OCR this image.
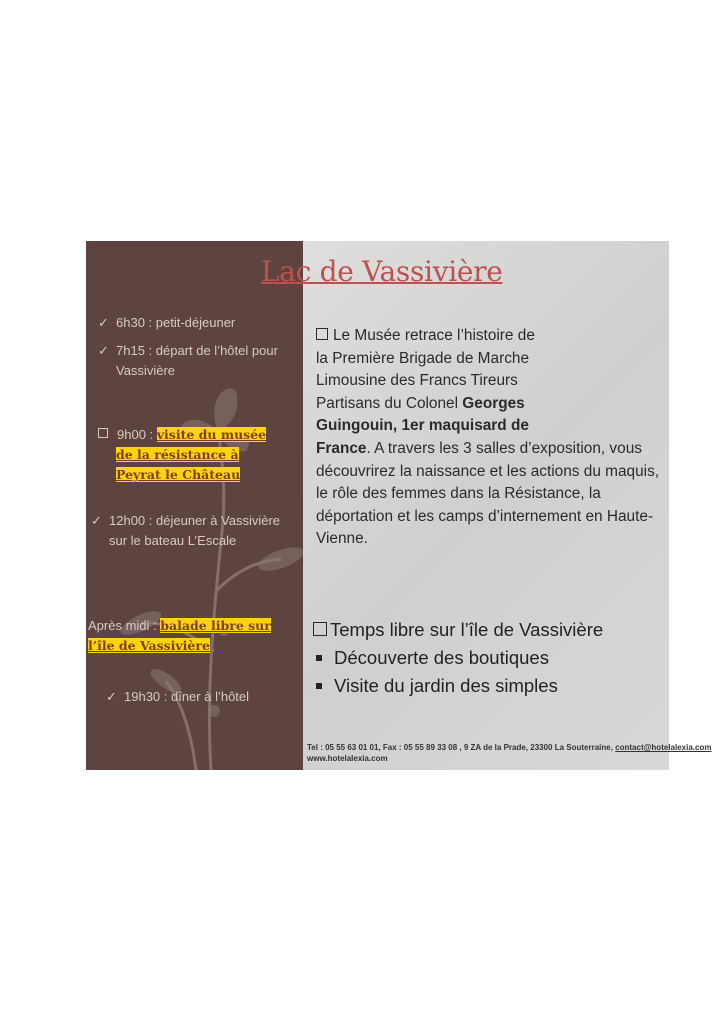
✓ 6h30 : petit-déjeuner
✓ 7h15 : départ de l’hôtel pour
Vassivière
9h00 : visite du musée
de la résistance à
Peyrat le Château
✓ 12h00 : déjeuner à Vassivière
sur le bateau L’Escale
Après midi : balade libre sur
l’île de Vassivière
✓ 19h30 : dîner à l’hôtel
Lac de Vassivière
Le Musée retrace l’histoire de
la Première Brigade de Marche
Limousine des Francs Tireurs
Partisans du Colonel Georges
Guingouin, 1er maquisard de
France. A travers les 3 salles d’exposition, vous
découvrirez la naissance et les actions du maquis,
le rôle des femmes dans la Résistance, la
déportation et les camps d’internement en Haute-
Vienne.
Temps libre sur l’île de Vassivière
Découverte des boutiques
Visite du jardin des simples
Tel : 05 55 63 01 01, Fax : 05 55 89 33 08 , 9 ZA de la Prade, 23300 La Souterraine, contact@hotelalexia.com
www.hotelalexia.com
